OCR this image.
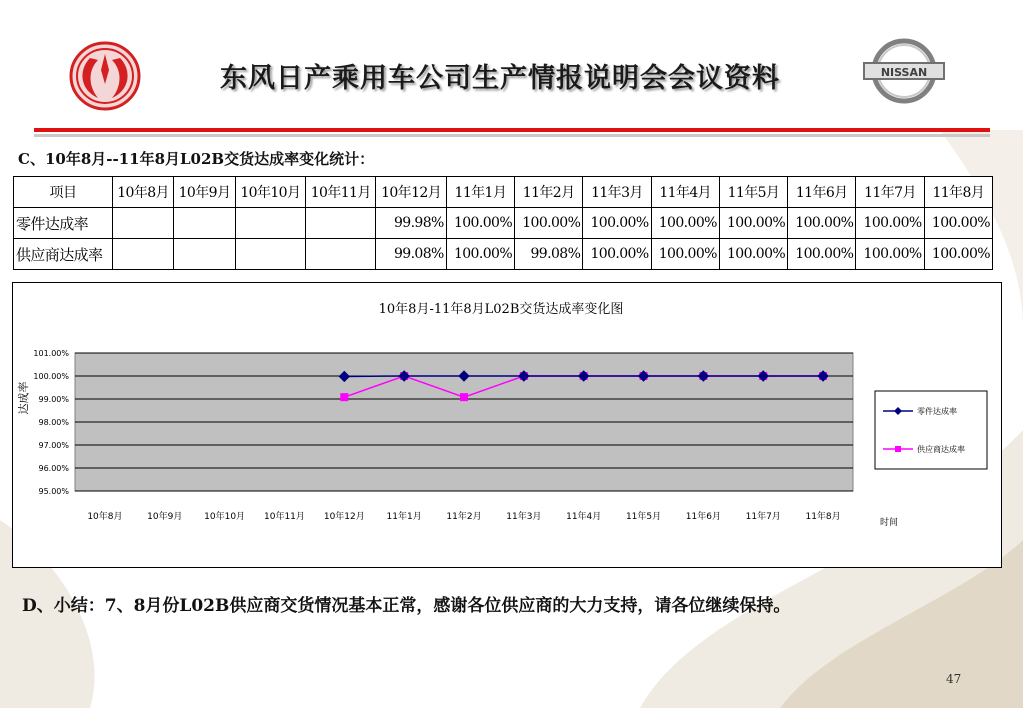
NISSAN
东风日产乘用车公司生产情报说明会会议资料
C、10年8月--11年8月L02B交货达成率变化统计：
项目	10年8月	10年9月	10年10月	10年11月	10年12月	11年1月	11年2月	11年3月	11年4月	11年5月	11年6月	11年7月	11年8月
零件达成率					99.98%	100.00%	100.00%	100.00%	100.00%	100.00%	100.00%	100.00%	100.00%
供应商达成率					99.08%	100.00%	99.08%	100.00%	100.00%	100.00%	100.00%	100.00%	100.00%
10年8月-11年8月L02B交货达成率变化图
101.00%
100.00%
99.00%
98.00%
97.00%
96.00%
95.00%
10年8月	10年9月 10年10月 10年11月 10年12月 11年1月	11年2月	11年3月	11年4月	11年5月	11年6月	11年7月	11年8月
达成率
时间
零件达成率
供应商达成率
D、小结：7、8月份L02B供应商交货情况基本正常，感谢各位供应商的大力支持，请各位继续保持。
47
